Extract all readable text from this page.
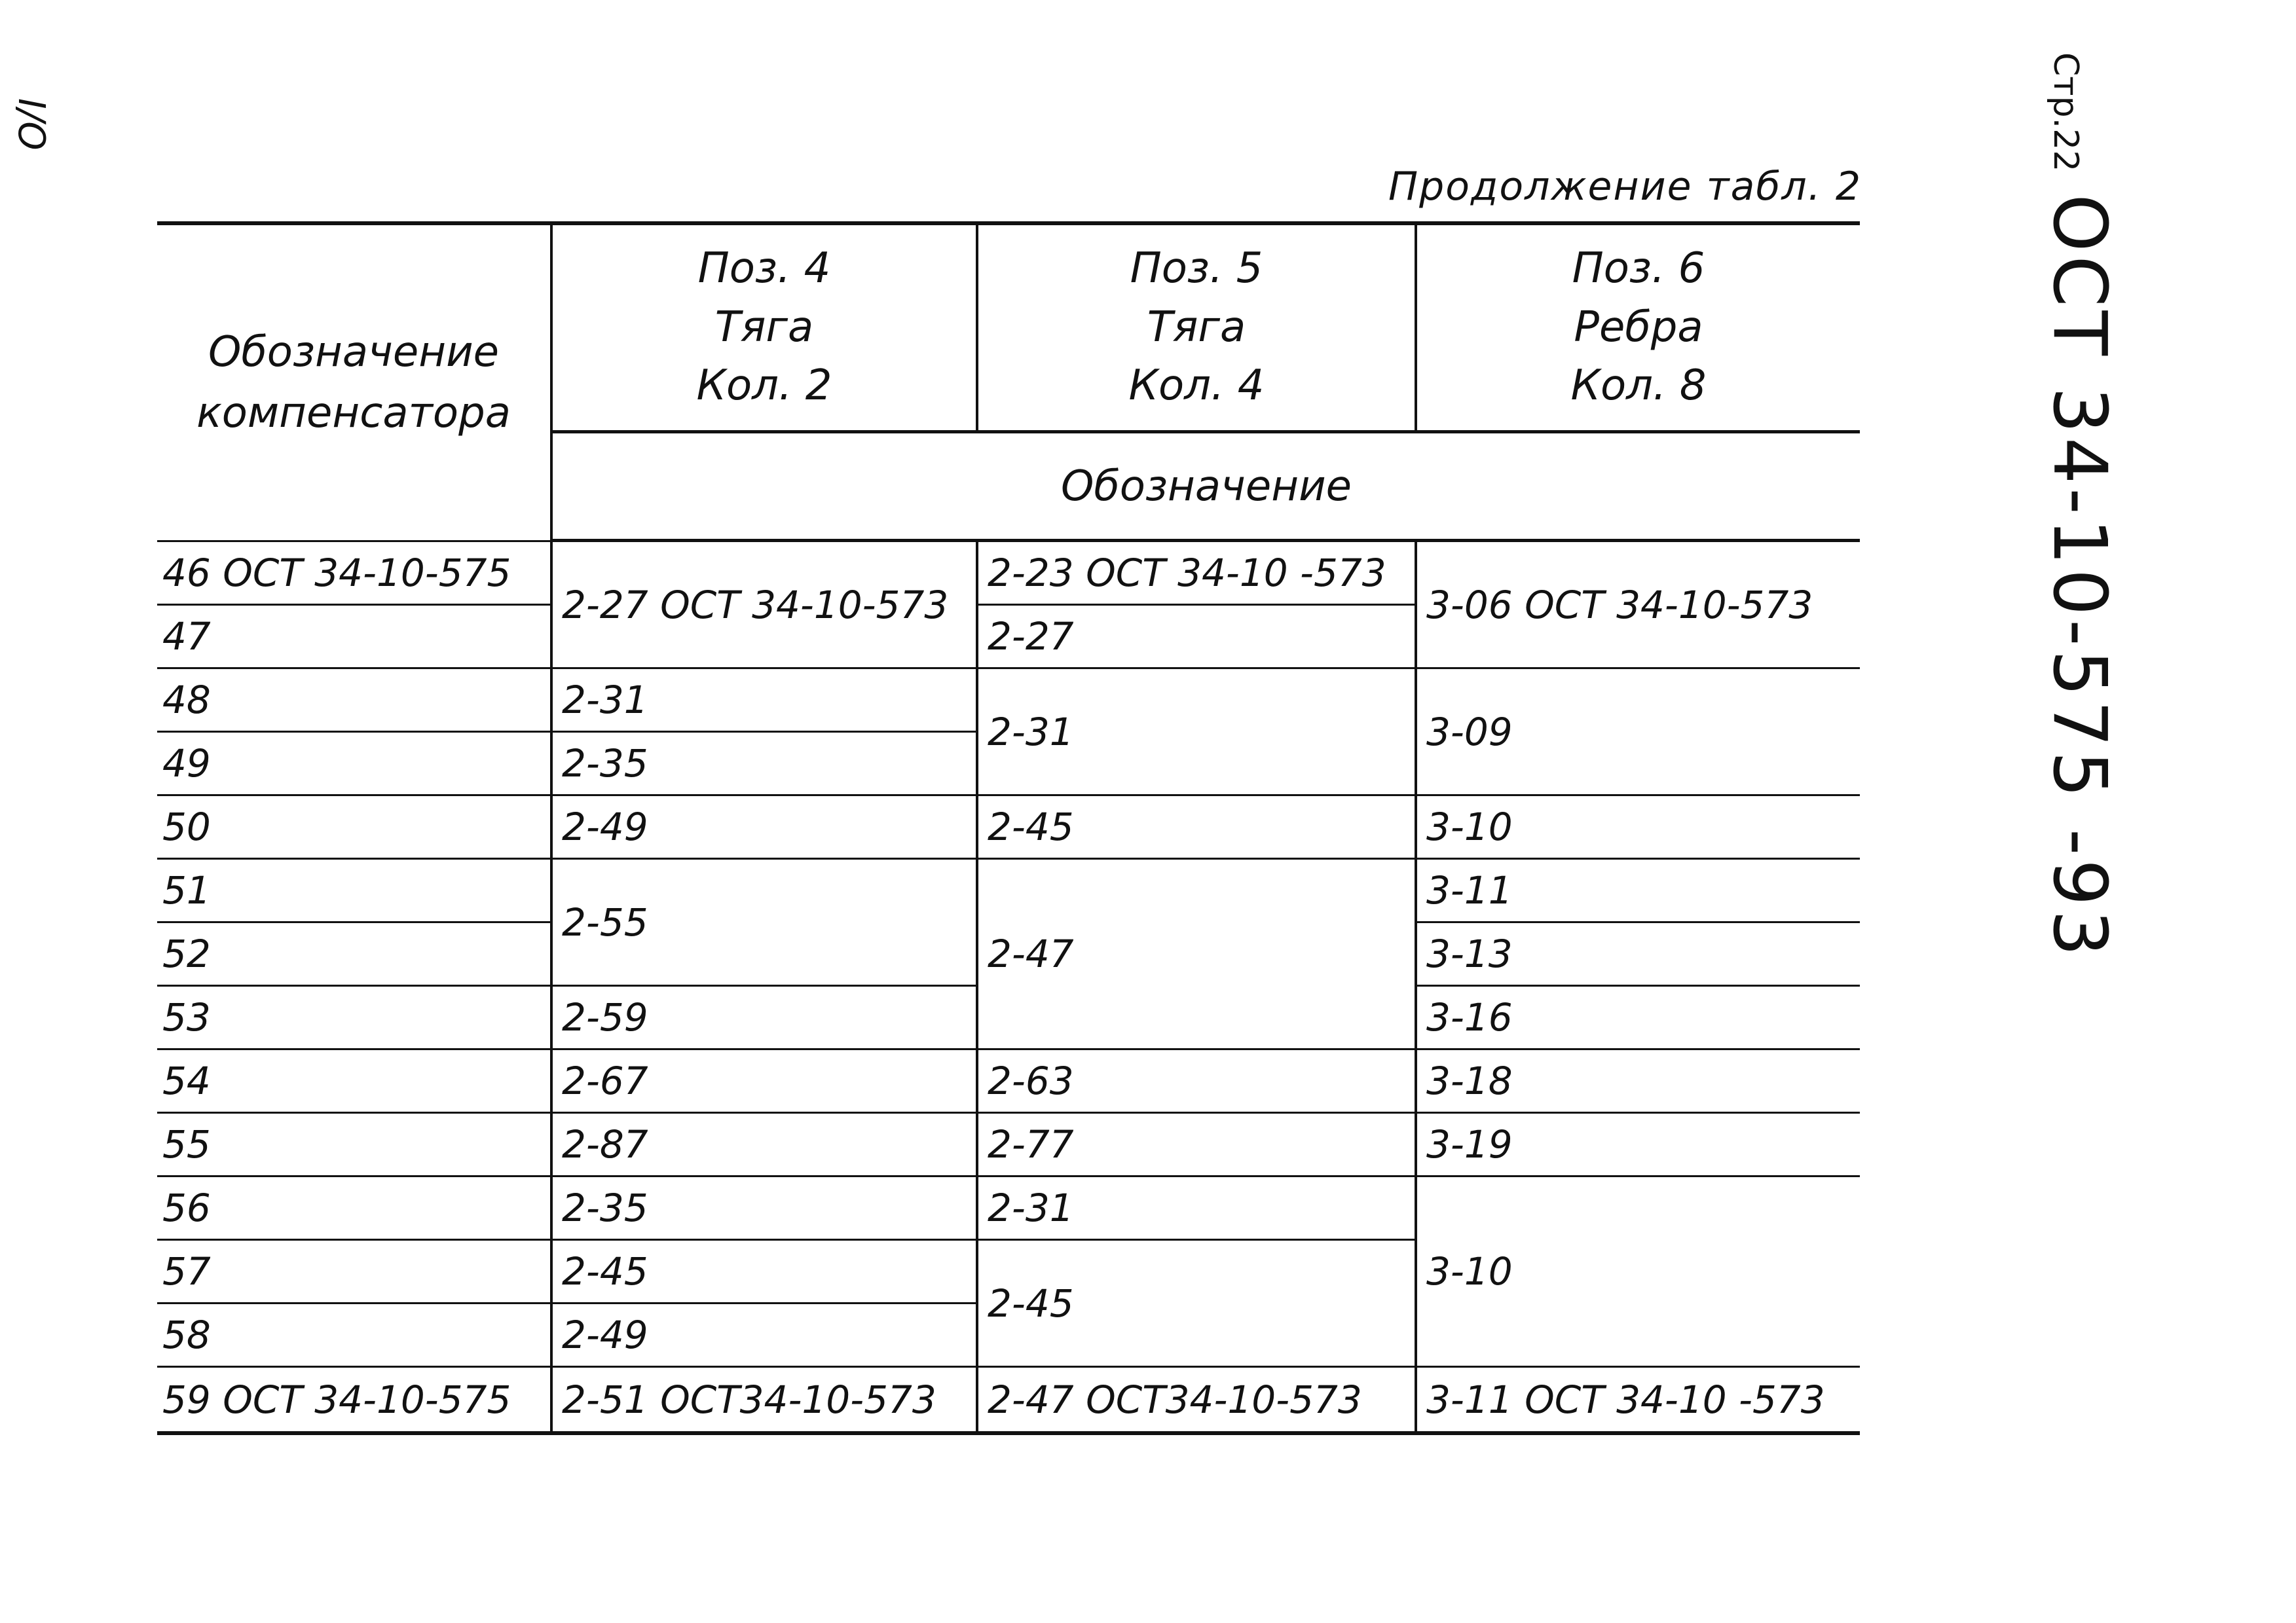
I/O	Стр.22
ОСТ 34-10-575 -93
Продолжение табл. 2
Обозначение
компенсатора
Поз. 4
Тяга
Кол. 2
Поз. 5
Тяга
Кол. 4
Поз. 6
Ребра
Кол. 8
Обозначение
46 ОСТ 34-10-575
47
48
49
50
51
52
53
54
55
56
57
58
59 ОСТ 34-10-575
2-27 ОСТ 34-10-573
2-31
2-35
2-49
2-55
2-59
2-67
2-87
2-35
2-45
2-49
2-51 ОСТ34-10-573
2-23 ОСТ 34-10 -573
2-27
2-31
2-45
2-47
2-63
2-77
2-31
2-45
2-47 ОСТ34-10-573
3-06 ОСТ 34-10-573
3-09
3-10
3-11
3-13
3-16
3-18
3-19
3-10
3-11 ОСТ 34-10 -573
